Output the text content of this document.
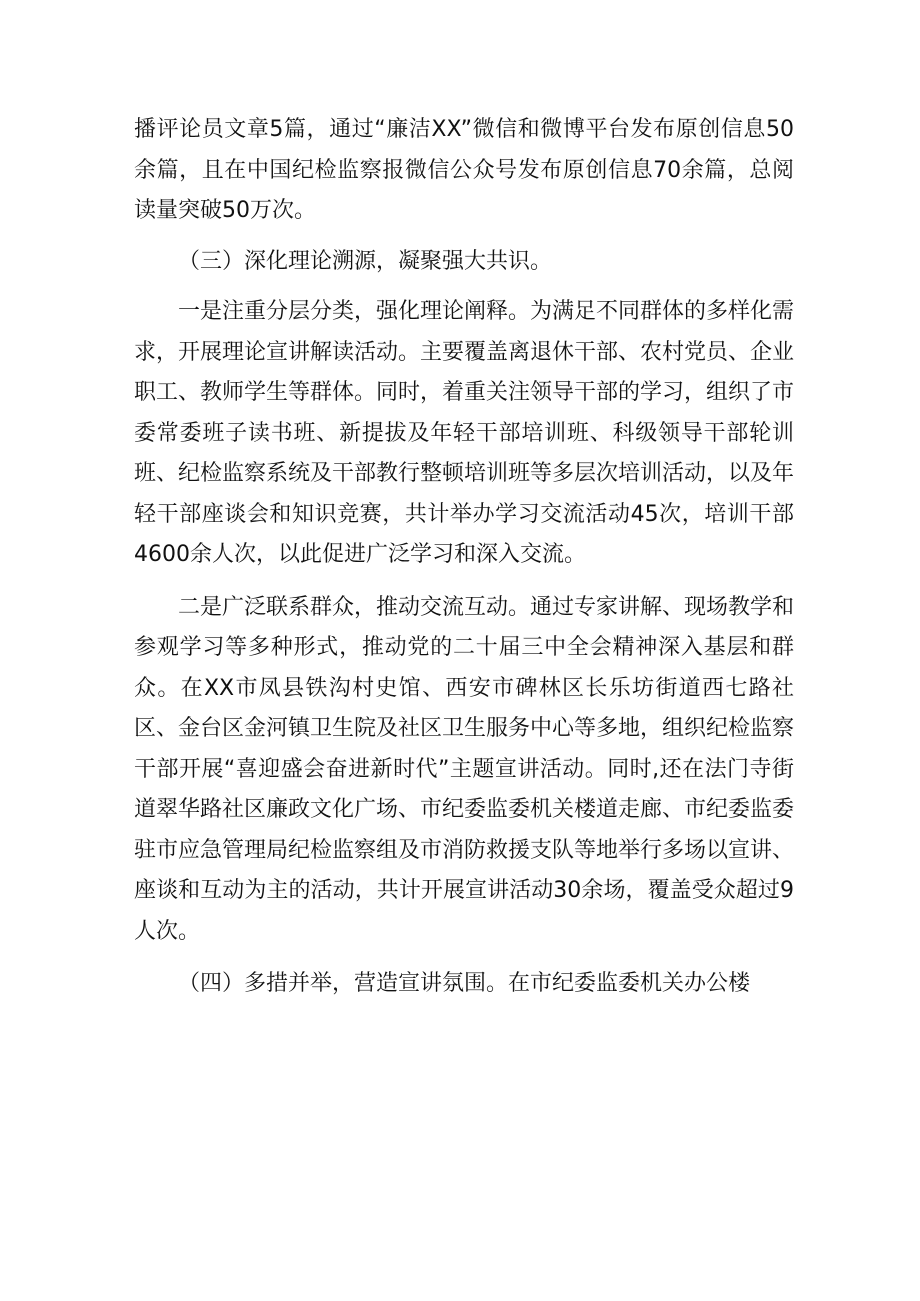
播评论员文章5篇，通过“廉洁XX”微信和微博平台发布原创信息50余篇，且在中国纪检监察报微信公众号发布原创信息70余篇，总阅读量突破50万次。

（三）深化理论溯源，凝聚强大共识。

一是注重分层分类，强化理论阐释。为满足不同群体的多样化需求，开展理论宣讲解读活动。主要覆盖离退休干部、农村党员、企业职工、教师学生等群体。同时，着重关注领导干部的学习，组织了市委常委班子读书班、新提拔及年轻干部培训班、科级领导干部轮训班、纪检监察系统及干部教行整顿培训班等多层次培训活动，以及年轻干部座谈会和知识竞赛，共计举办学习交流活动45次，培训干部4600余人次，以此促进广泛学习和深入交流。

二是广泛联系群众，推动交流互动。通过专家讲解、现场教学和参观学习等多种形式，推动党的二十届三中全会精神深入基层和群众。在XX市凤县铁沟村史馆、西安市碑林区长乐坊街道西七路社区、金台区金河镇卫生院及社区卫生服务中心等多地，组织纪检监察干部开展“喜迎盛会奋进新时代”主题宣讲活动。同时,还在法门寺街道翠华路社区廉政文化广场、市纪委监委机关楼道走廊、市纪委监委驻市应急管理局纪检监察组及市消防救援支队等地举行多场以宣讲、座谈和互动为主的活动，共计开展宣讲活动30余场，覆盖受众超过9人次。

（四）多措并举，营造宣讲氛围。在市纪委监委机关办公楼
